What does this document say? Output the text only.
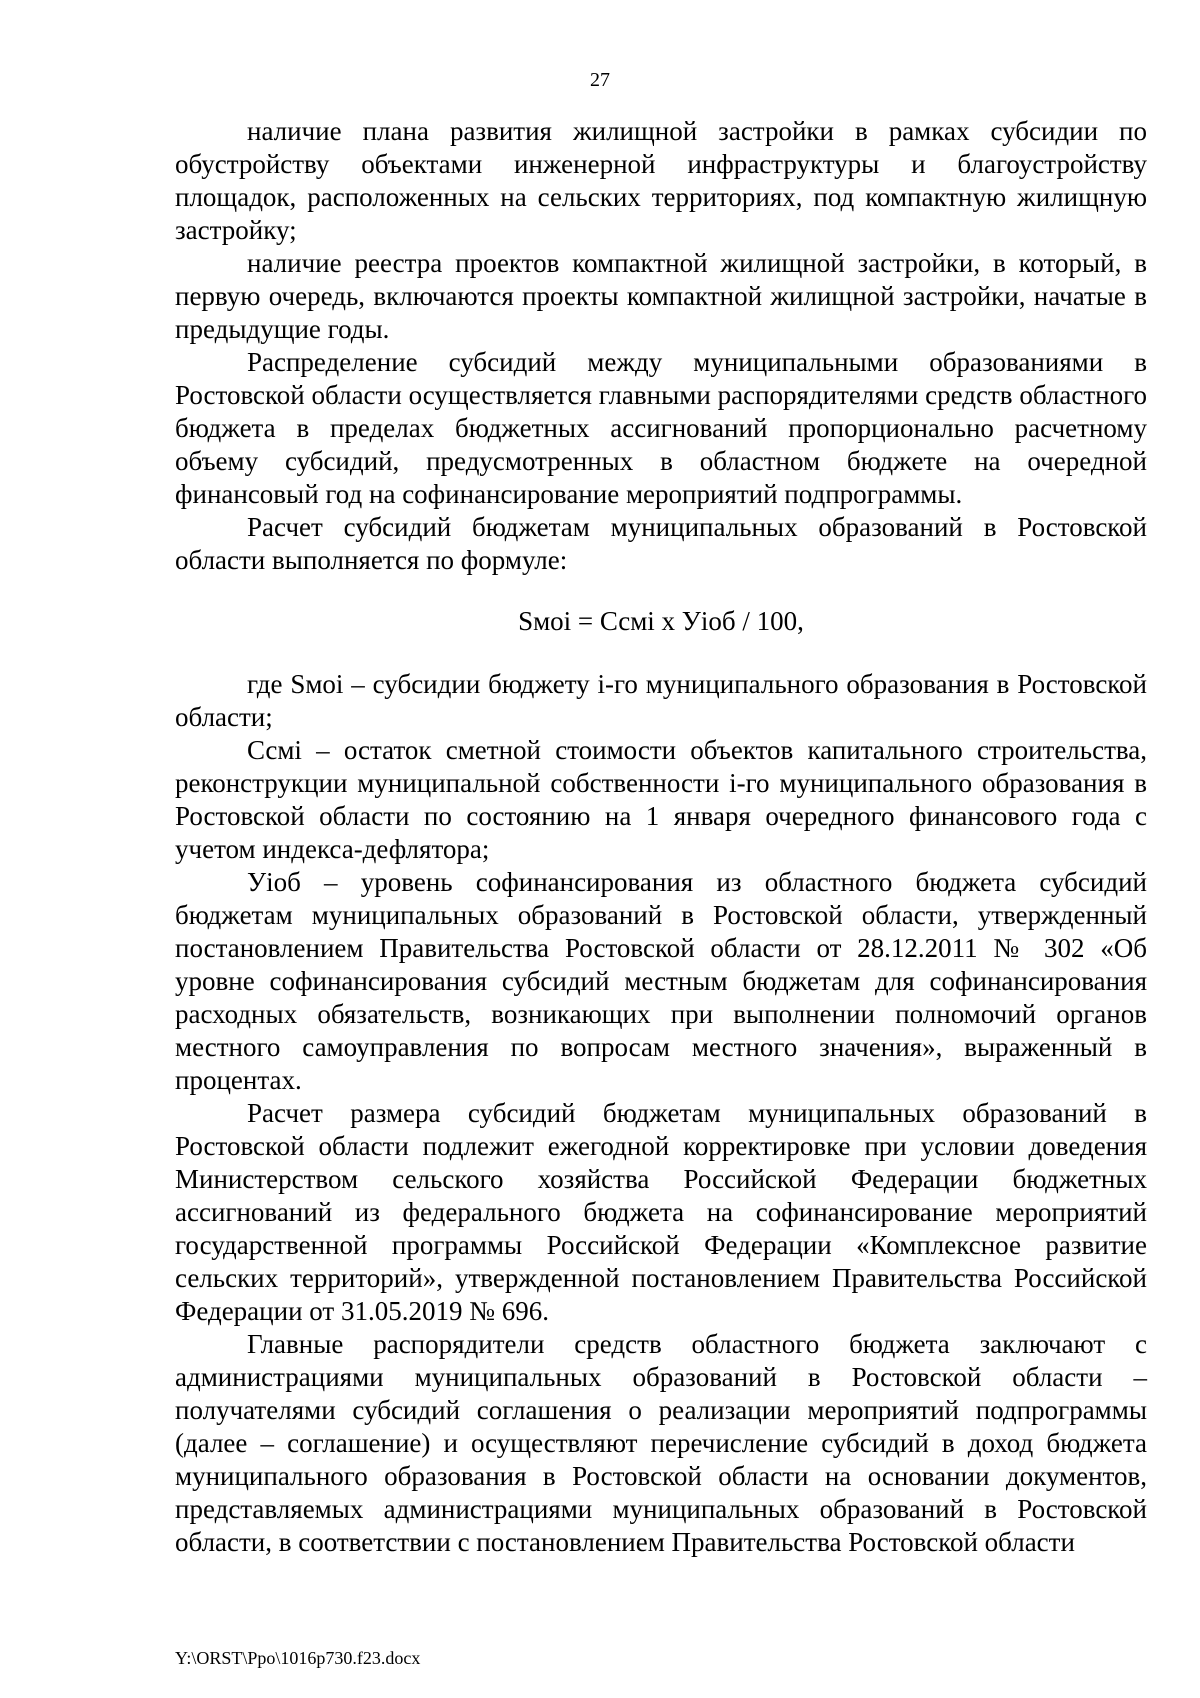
27

наличие плана развития жилищной застройки в рамках субсидии по обустройству объектами инженерной инфраструктуры и благоустройству площадок, расположенных на сельских территориях, под компактную жилищную застройку;

наличие реестра проектов компактной жилищной застройки, в который, в первую очередь, включаются проекты компактной жилищной застройки, начатые в предыдущие годы.

Распределение субсидий между муниципальными образованиями в Ростовской области осуществляется главными распорядителями средств областного бюджета в пределах бюджетных ассигнований пропорционально расчетному объему субсидий, предусмотренных в областном бюджете на очередной финансовый год на софинансирование мероприятий подпрограммы.

Расчет субсидий бюджетам муниципальных образований в Ростовской области выполняется по формуле:

Sмоi = Ссмi х Уioб / 100,

где Sмоi – субсидии бюджету i-го муниципального образования в Ростовской области;

Ссмi – остаток сметной стоимости объектов капитального строительства, реконструкции муниципальной собственности i-го муниципального образования в Ростовской области по состоянию на 1 января очередного финансового года с учетом индекса-дефлятора;

Уioб – уровень софинансирования из областного бюджета субсидий бюджетам муниципальных образований в Ростовской области, утвержденный постановлением Правительства Ростовской области от 28.12.2011 № 302 «Об уровне софинансирования субсидий местным бюджетам для софинансирования расходных обязательств, возникающих при выполнении полномочий органов местного самоуправления по вопросам местного значения», выраженный в процентах.

Расчет размера субсидий бюджетам муниципальных образований в Ростовской области подлежит ежегодной корректировке при условии доведения Министерством сельского хозяйства Российской Федерации бюджетных ассигнований из федерального бюджета на софинансирование мероприятий государственной программы Российской Федерации «Комплексное развитие сельских территорий», утвержденной постановлением Правительства Российской Федерации от 31.05.2019 № 696.

Главные распорядители средств областного бюджета заключают с администрациями муниципальных образований в Ростовской области – получателями субсидий соглашения о реализации мероприятий подпрограммы (далее – соглашение) и осуществляют перечисление субсидий в доход бюджета муниципального образования в Ростовской области на основании документов, представляемых администрациями муниципальных образований в Ростовской области, в соответствии с постановлением Правительства Ростовской области

Y:\ORST\Ppo\1016p730.f23.docx
